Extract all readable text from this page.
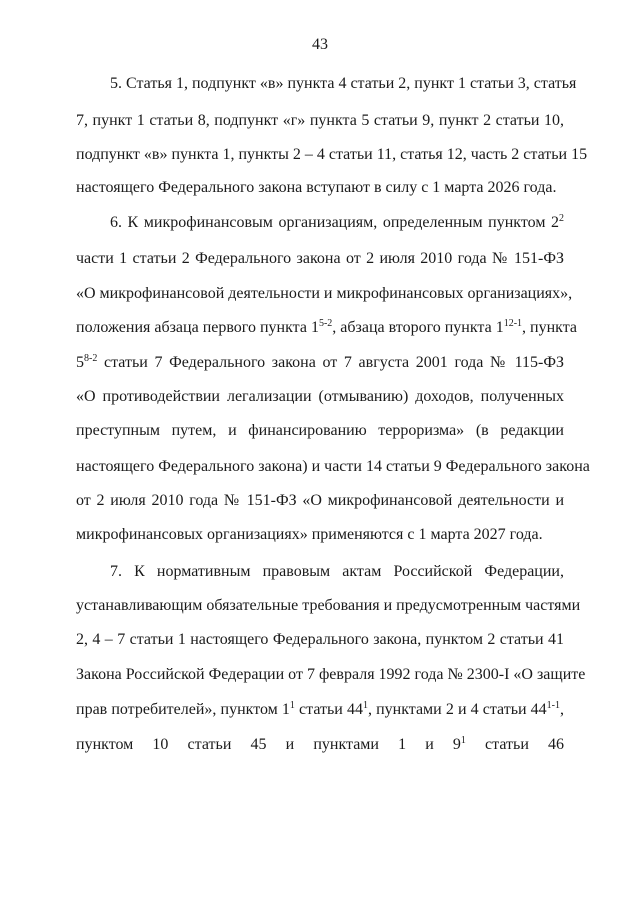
43
5. Статья 1, подпункт «в» пункта 4 статьи 2, пункт 1 статьи 3, статья
7, пункт 1 статьи 8, подпункт «г» пункта 5 статьи 9, пункт 2 статьи 10,
подпункт «в» пункта 1, пункты 2 – 4 статьи 11, статья 12, часть 2 статьи 15
настоящего Федерального закона вступают в силу с 1 марта 2026 года.
6. К микрофинансовым организациям, определенным пунктом $2^2$
части 1 статьи 2 Федерального закона от 2 июля 2010 года № 151-ФЗ
«О микрофинансовой деятельности и микрофинансовых организациях»,
положения абзаца первого пункта 1$^{5-2}$, абзаца второго пункта 1$^{12-1}$, пункта
5$^{8-2}$ статьи 7 Федерального закона от 7 августа 2001 года № 115-ФЗ
«О противодействии легализации (отмыванию) доходов, полученных
преступным путем, и финансированию терроризма» (в редакции
настоящего Федерального закона) и части 14 статьи 9 Федерального закона
от 2 июля 2010 года № 151-ФЗ «О микрофинансовой деятельности и
микрофинансовых организациях» применяются с 1 марта 2027 года.
7. К нормативным правовым актам Российской Федерации,
устанавливающим обязательные требования и предусмотренным частями
2, 4 – 7 статьи 1 настоящего Федерального закона, пунктом 2 статьи 41
Закона Российской Федерации от 7 февраля 1992 года № 2300-I «О защите
прав потребителей», пунктом $1^1$ статьи $44^1$, пунктами 2 и 4 статьи 44$^{1-1}$,
пунктом 10 статьи 45 и пунктами 1 и $9^1$ статьи 46
